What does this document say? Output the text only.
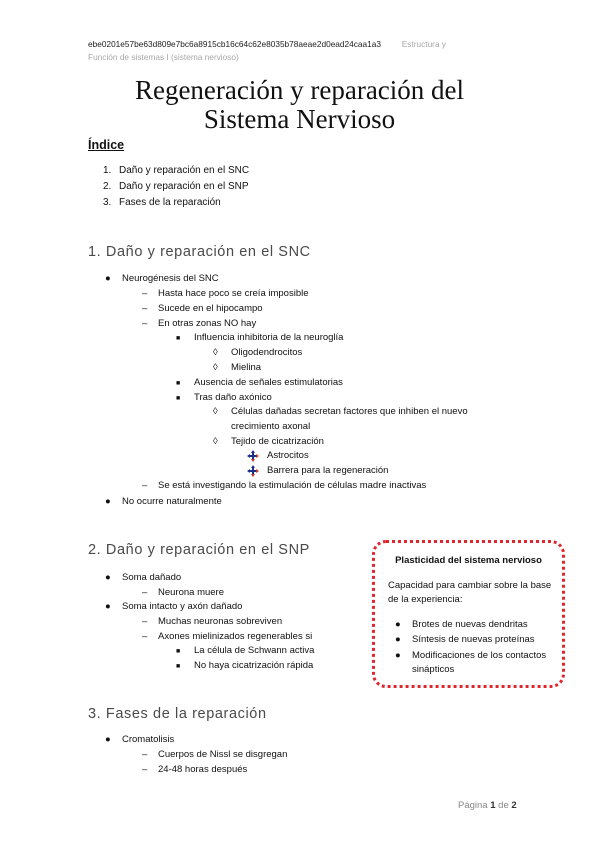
ebe0201e57be63d809e7bc6a8915cb16c64c62e8035b78aeae2d0ead24caa1a3	Estructura y
Función de sistemas I (sistema nervioso)
Regeneración y reparación del
Sistema Nervioso
Índice
1. Daño y reparación en el SNC
2. Daño y reparación en el SNP
3. Fases de la reparación
1. Daño y reparación en el SNC
● Neurogénesis del SNC
– Hasta hace poco se creía imposible
– Sucede en el hipocampo
– En otras zonas NO hay
■ Influencia inhibitoria de la neuroglía
◊ Oligodendrocitos
◊ Mielina
■ Ausencia de señales estimulatorias
■ Tras daño axónico
◊ Células dañadas secretan factores que inhiben el nuevo
crecimiento axonal
◊ Tejido de cicatrización
Astrocitos
Barrera para la regeneración
– Se está investigando la estimulación de células madre inactivas
● No ocurre naturalmente
2. Daño y reparación en el SNP
● Soma dañado
– Neurona muere
● Soma intacto y axón dañado
– Muchas neuronas sobreviven
– Axones mielinizados regenerables si
■ La célula de Schwann activa
■ No haya cicatrización rápida
Plasticidad del sistema nervioso
Capacidad para cambiar sobre la base de la experiencia:
● Brotes de nuevas dendritas
● Síntesis de nuevas proteínas
● Modificaciones de los contactos sinápticos
3. Fases de la reparación
● Cromatolisis
– Cuerpos de Nissl se disgregan
– 24-48 horas después
Página 1 de 2
